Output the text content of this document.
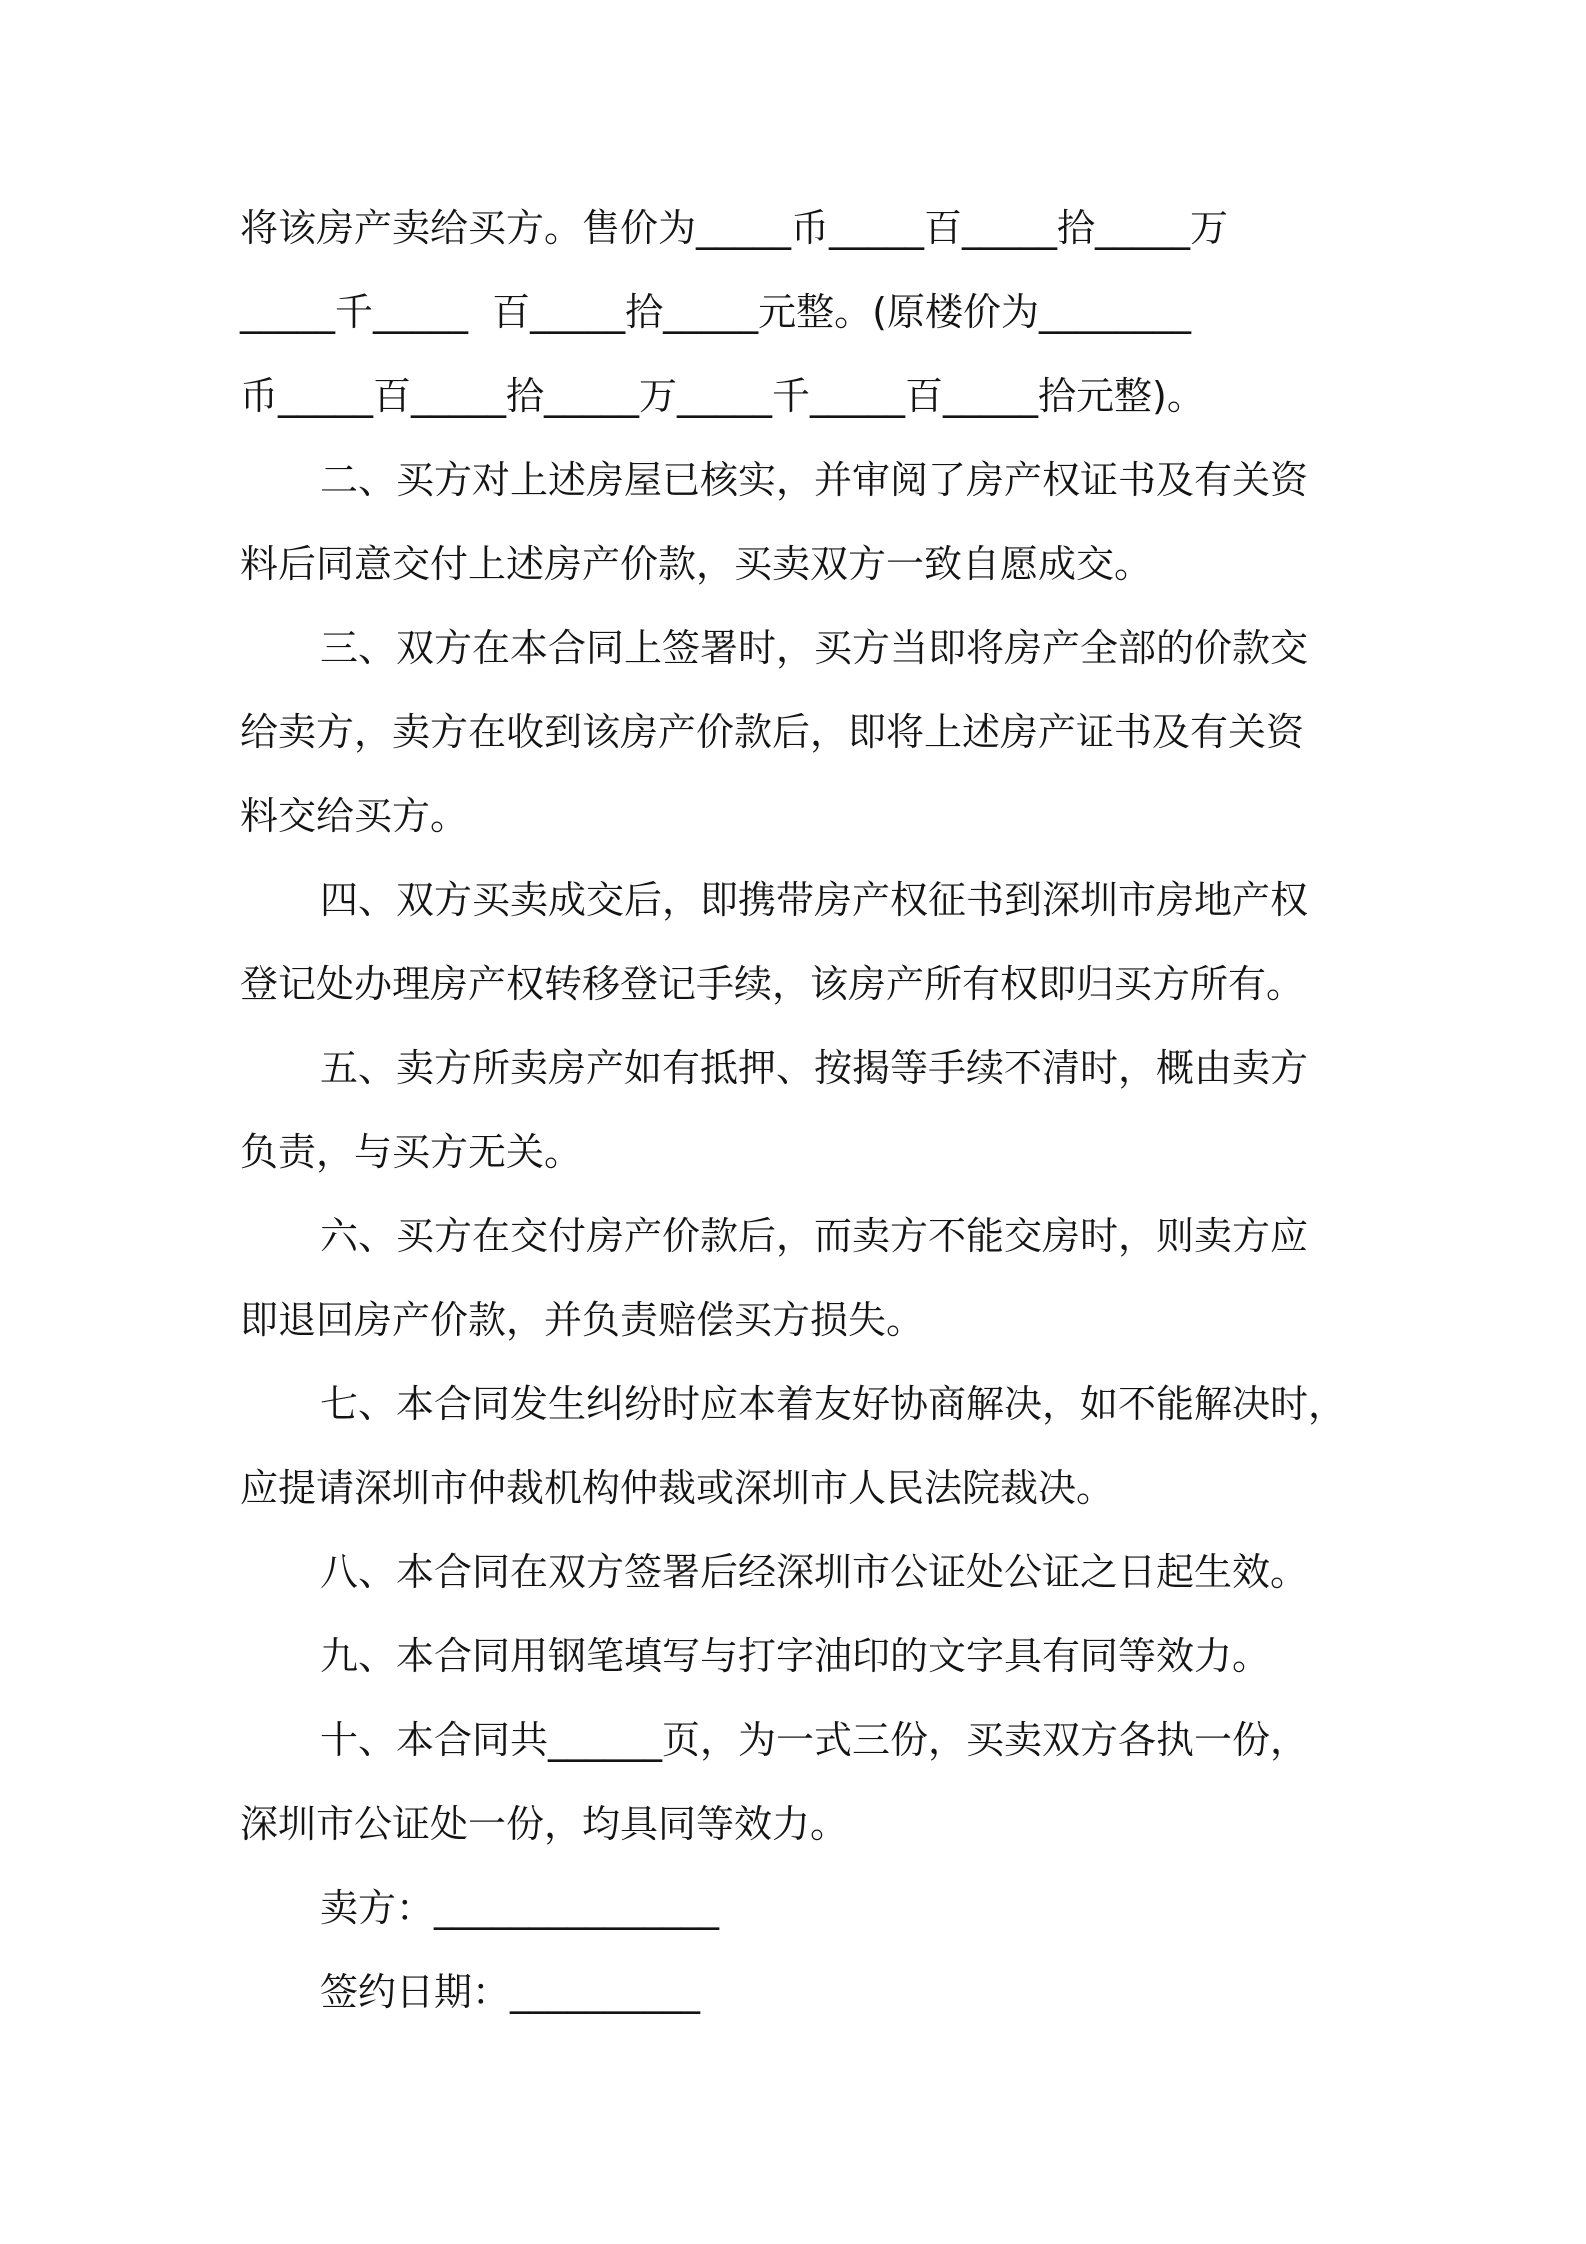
将该房产卖给买方。售价为_____币_____百_____拾_____万
_____千_____  百_____拾_____元整。(原楼价为________
币_____百_____拾_____万_____千_____百_____拾元整)。
二、买方对上述房屋已核实，并审阅了房产权证书及有关资
料后同意交付上述房产价款，买卖双方一致自愿成交。
三、双方在本合同上签署时，买方当即将房产全部的价款交
给卖方，卖方在收到该房产价款后，即将上述房产证书及有关资
料交给买方。
四、双方买卖成交后，即携带房产权征书到深圳市房地产权
登记处办理房产权转移登记手续，该房产所有权即归买方所有。
五、卖方所卖房产如有抵押、按揭等手续不清时，概由卖方
负责，与买方无关。
六、买方在交付房产价款后，而卖方不能交房时，则卖方应
即退回房产价款，并负责赔偿买方损失。
七、本合同发生纠纷时应本着友好协商解决，如不能解决时，
应提请深圳市仲裁机构仲裁或深圳市人民法院裁决。
八、本合同在双方签署后经深圳市公证处公证之日起生效。
九、本合同用钢笔填写与打字油印的文字具有同等效力。
十、本合同共______页，为一式三份，买卖双方各执一份，
深圳市公证处一份，均具同等效力。
卖方：_______________
签约日期：__________
